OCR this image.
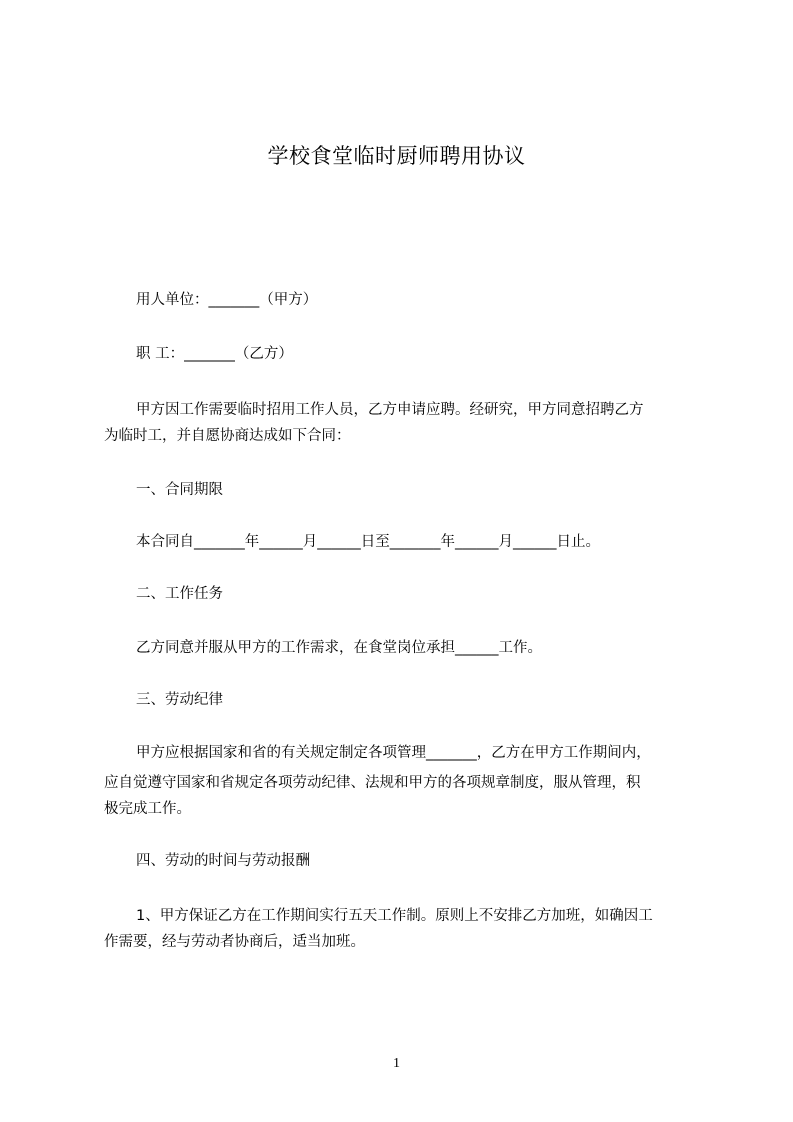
学校食堂临时厨师聘用协议
用人单位：_______（甲方）
职 工：_______（乙方）
甲方因工作需要临时招用工作人员，乙方申请应聘。经研究，甲方同意招聘乙方
为临时工，并自愿协商达成如下合同：
一、合同期限
本合同自_______年______月______日至_______年______月______日止。
二、工作任务
乙方同意并服从甲方的工作需求，在食堂岗位承担______工作。
三、劳动纪律
甲方应根据国家和省的有关规定制定各项管理_______，乙方在甲方工作期间内，
应自觉遵守国家和省规定各项劳动纪律、法规和甲方的各项规章制度，服从管理，积
极完成工作。
四、劳动的时间与劳动报酬
1、甲方保证乙方在工作期间实行五天工作制。原则上不安排乙方加班，如确因工
作需要，经与劳动者协商后，适当加班。
1
